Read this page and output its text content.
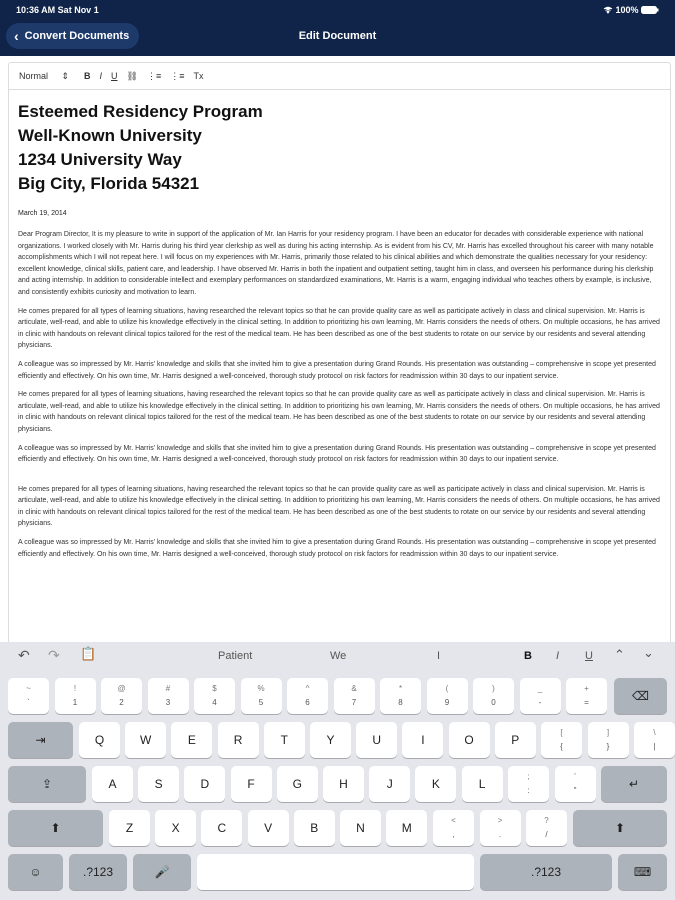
10:36 AM Sat Nov 1	100%
‹ Convert Documents	Edit Document
Normal ⇕ B I U ⛓ ⋮≡ ⋮≡ Tx
Esteemed Residency Program
Well-Known University
1234 University Way
Big City, Florida 54321
March 19, 2014

Dear Program Director, It is my pleasure to write in support of the application of Mr. Ian Harris for your residency program. I have been an educator for decades with considerable experience with national organizations. I worked closely with Mr. Harris during his third year clerkship as well as during his acting internship. As is evident from his CV, Mr. Harris has excelled throughout his career with many notable accomplishments which I will not repeat here. I will focus on my experiences with Mr. Harris, primarily those related to his clinical abilities and which demonstrate the qualities necessary for your residency: excellent knowledge, clinical skills, patient care, and leadership. I have observed Mr. Harris in both the inpatient and outpatient setting, taught him in class, and overseen his performance during his clerkship and acting internship. In addition to considerable intellect and exemplary performances on standardized examinations, Mr. Harris is a warm, engaging individual who teaches others by example, is inclusive, and consistently exhibits curiosity and motivation to learn.

He comes prepared for all types of learning situations, having researched the relevant topics so that he can provide quality care as well as participate actively in class and clinical supervision. Mr. Harris is articulate, well-read, and able to utilize his knowledge effectively in the clinical setting. In addition to prioritizing his own learning, Mr. Harris considers the needs of others. On multiple occasions, he has arrived in clinic with handouts on relevant clinical topics tailored for the rest of the medical team. He has been described as one of the best students to rotate on our service by our residents and several attending physicians.

A colleague was so impressed by Mr. Harris' knowledge and skills that she invited him to give a presentation during Grand Rounds. His presentation was outstanding – comprehensive in scope yet presented efficiently and effectively. On his own time, Mr. Harris designed a well-conceived, thorough study protocol on risk factors for readmission within 30 days to our inpatient service.

He comes prepared for all types of learning situations, having researched the relevant topics so that he can provide quality care as well as participate actively in class and clinical supervision. Mr. Harris is articulate, well-read, and able to utilize his knowledge effectively in the clinical setting. In addition to prioritizing his own learning, Mr. Harris considers the needs of others. On multiple occasions, he has arrived in clinic with handouts on relevant clinical topics tailored for the rest of the medical team. He has been described as one of the best students to rotate on our service by our residents and several attending physicians.

A colleague was so impressed by Mr. Harris' knowledge and skills that she invited him to give a presentation during Grand Rounds. His presentation was outstanding – comprehensive in scope yet presented efficiently and effectively. On his own time, Mr. Harris designed a well-conceived, thorough study protocol on risk factors for readmission within 30 days to our inpatient service.

He comes prepared for all types of learning situations, having researched the relevant topics so that he can provide quality care as well as participate actively in class and clinical supervision. Mr. Harris is articulate, well-read, and able to utilize his knowledge effectively in the clinical setting. In addition to prioritizing his own learning, Mr. Harris considers the needs of others. On multiple occasions, he has arrived in clinic with handouts on relevant clinical topics tailored for the rest of the medical team. He has been described as one of the best students to rotate on our service by our residents and several attending physicians.

A colleague was so impressed by Mr. Harris' knowledge and skills that she invited him to give a presentation during Grand Rounds. His presentation was outstanding – comprehensive in scope yet presented efficiently and effectively. On his own time, Mr. Harris designed a well-conceived, thorough study protocol on risk factors for readmission within 30 days to our inpatient service.

↶ ↷ 📋	Patient	We	I	B I U ⌃ ⌄
~
`
!
1
@
2
#
3
$
4
%
5
^
6
&
7
*
8
(
9
)
0
_
-
+
=	⌫
⇥	Q	W	E	R	T	Y	U	I	O	P
[
{
]
}
\
|
⇪	A	S	D	F	G	H	J	K	L
;
:
'
"	↵
⬆	Z	X	C	V	B	N	M
<
,
>
.
?
/	⬆
☺	.?123	🎤	.?123	⌨
